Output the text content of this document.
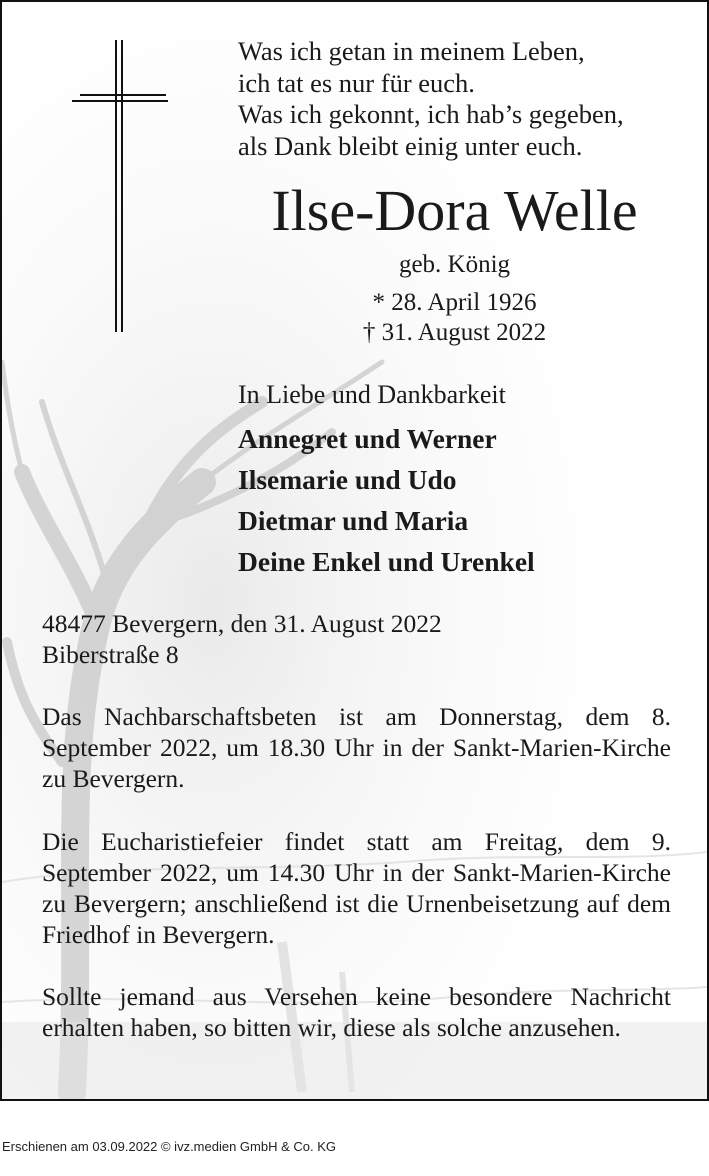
Was ich getan in meinem Leben,
ich tat es nur für euch.
Was ich gekonnt, ich hab’s gegeben,
als Dank bleibt einig unter euch.
Ilse-Dora Welle
geb. König
* 28. April 1926
† 31. August 2022
In Liebe und Dankbarkeit
Annegret und Werner
Ilsemarie und Udo
Dietmar und Maria
Deine Enkel und Urenkel
48477 Bevergern, den 31. August 2022
Biberstraße 8
Das Nachbarschaftsbeten ist am Donnerstag, dem 8. September 2022, um 18.30 Uhr in der Sankt-Marien-Kirche zu Bevergern.
Die Eucharistiefeier findet statt am Freitag, dem 9. September 2022, um 14.30 Uhr in der Sankt-Marien-Kirche zu Bevergern; anschließend ist die Urnenbeisetzung auf dem Friedhof in Bevergern.
Sollte jemand aus Versehen keine besondere Nachricht erhalten haben, so bitten wir, diese als solche anzusehen.
Erschienen am 03.09.2022 © ivz.medien GmbH & Co. KG
